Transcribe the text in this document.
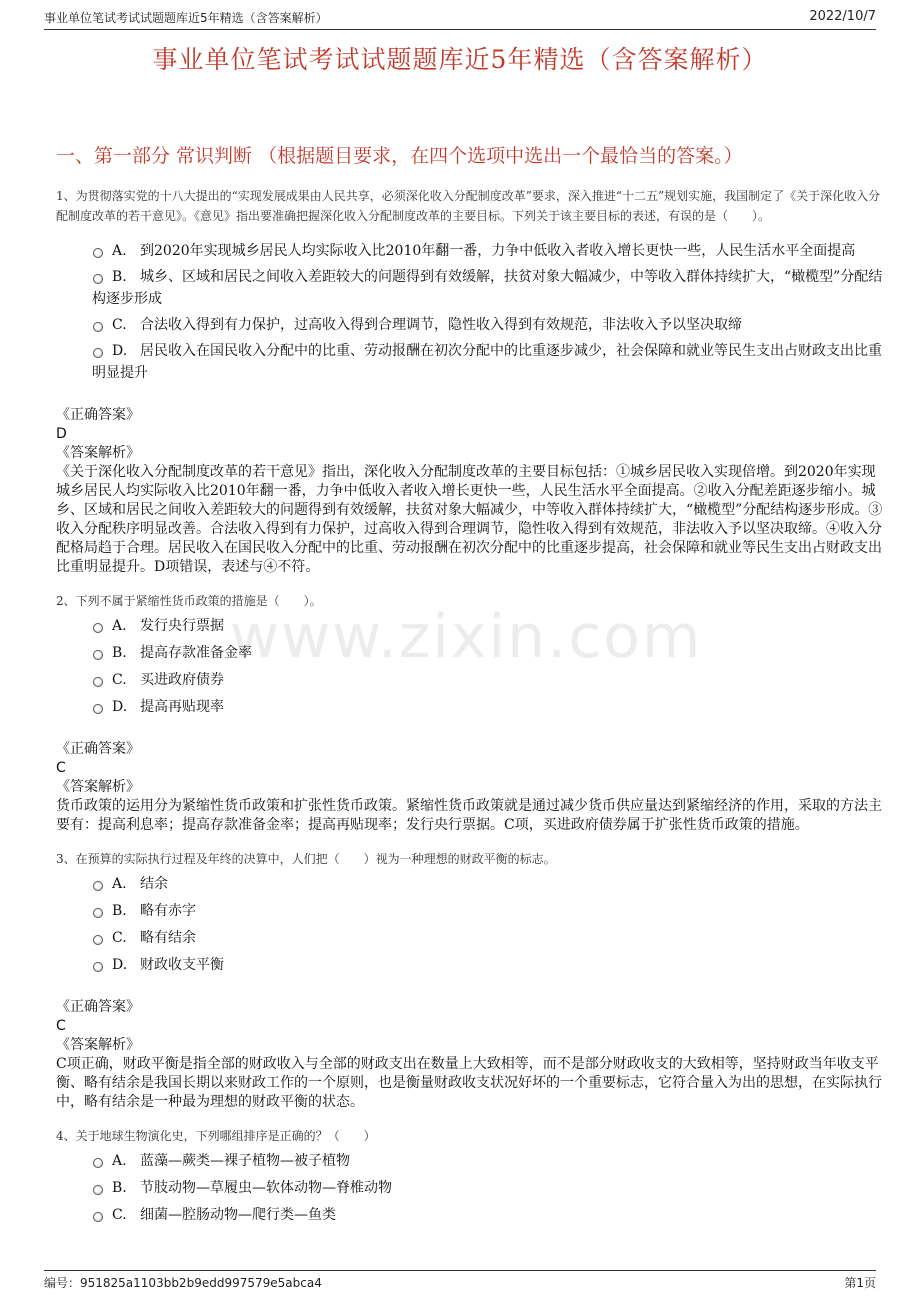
事业单位笔试考试试题题库近5年精选（含答案解析）	2022/10/7
事业单位笔试考试试题题库近5年精选（含答案解析）
一、第一部分 常识判断 （根据题目要求，在四个选项中选出一个最恰当的答案。）
www.zixin.com
1、为贯彻落实党的十八大提出的“实现发展成果由人民共享，必须深化收入分配制度改革”要求，深入推进“十二五”规划实施，我国制定了《关于深化收入分配制度改革的若干意见》。《意见》指出要准确把握深化收入分配制度改革的主要目标。下列关于该主要目标的表述，有误的是（　　）。
A. 到2020年实现城乡居民人均实际收入比2010年翻一番，力争中低收入者收入增长更快一些，人民生活水平全面提高
B. 城乡、区域和居民之间收入差距较大的问题得到有效缓解，扶贫对象大幅减少，中等收入群体持续扩大，“橄榄型”分配结构逐步形成
C. 合法收入得到有力保护，过高收入得到合理调节，隐性收入得到有效规范，非法收入予以坚决取缔
D. 居民收入在国民收入分配中的比重、劳动报酬在初次分配中的比重逐步减少，社会保障和就业等民生支出占财政支出比重明显提升
《正确答案》
D
《答案解析》
《关于深化收入分配制度改革的若干意见》指出，深化收入分配制度改革的主要目标包括：①城乡居民收入实现倍增。到2020年实现城乡居民人均实际收入比2010年翻一番，力争中低收入者收入增长更快一些，人民生活水平全面提高。②收入分配差距逐步缩小。城乡、区域和居民之间收入差距较大的问题得到有效缓解，扶贫对象大幅减少，中等收入群体持续扩大，“橄榄型”分配结构逐步形成。③收入分配秩序明显改善。合法收入得到有力保护，过高收入得到合理调节，隐性收入得到有效规范，非法收入予以坚决取缔。④收入分配格局趋于合理。居民收入在国民收入分配中的比重、劳动报酬在初次分配中的比重逐步提高，社会保障和就业等民生支出占财政支出比重明显提升。D项错误，表述与④不符。
2、下列不属于紧缩性货币政策的措施是（　　）。
A. 发行央行票据
B. 提高存款准备金率
C. 买进政府债券
D. 提高再贴现率
《正确答案》
C
《答案解析》
货币政策的运用分为紧缩性货币政策和扩张性货币政策。紧缩性货币政策就是通过减少货币供应量达到紧缩经济的作用，采取的方法主要有：提高利息率；提高存款准备金率；提高再贴现率；发行央行票据。C项，买进政府债券属于扩张性货币政策的措施。
3、在预算的实际执行过程及年终的决算中，人们把（　　）视为一种理想的财政平衡的标志。
A. 结余
B. 略有赤字
C. 略有结余
D. 财政收支平衡
《正确答案》
C
《答案解析》
C项正确，财政平衡是指全部的财政收入与全部的财政支出在数量上大致相等，而不是部分财政收支的大致相等，坚持财政当年收支平衡、略有结余是我国长期以来财政工作的一个原则，也是衡量财政收支状况好坏的一个重要标志，它符合量入为出的思想，在实际执行中，略有结余是一种最为理想的财政平衡的状态。
4、关于地球生物演化史，下列哪组排序是正确的？（　　）
A. 蓝藻—蕨类—裸子植物—被子植物
B. 节肢动物—草履虫—软体动物—脊椎动物
C. 细菌—腔肠动物—爬行类—鱼类
编号：951825a1103bb2b9edd997579e5abca4	第1页
